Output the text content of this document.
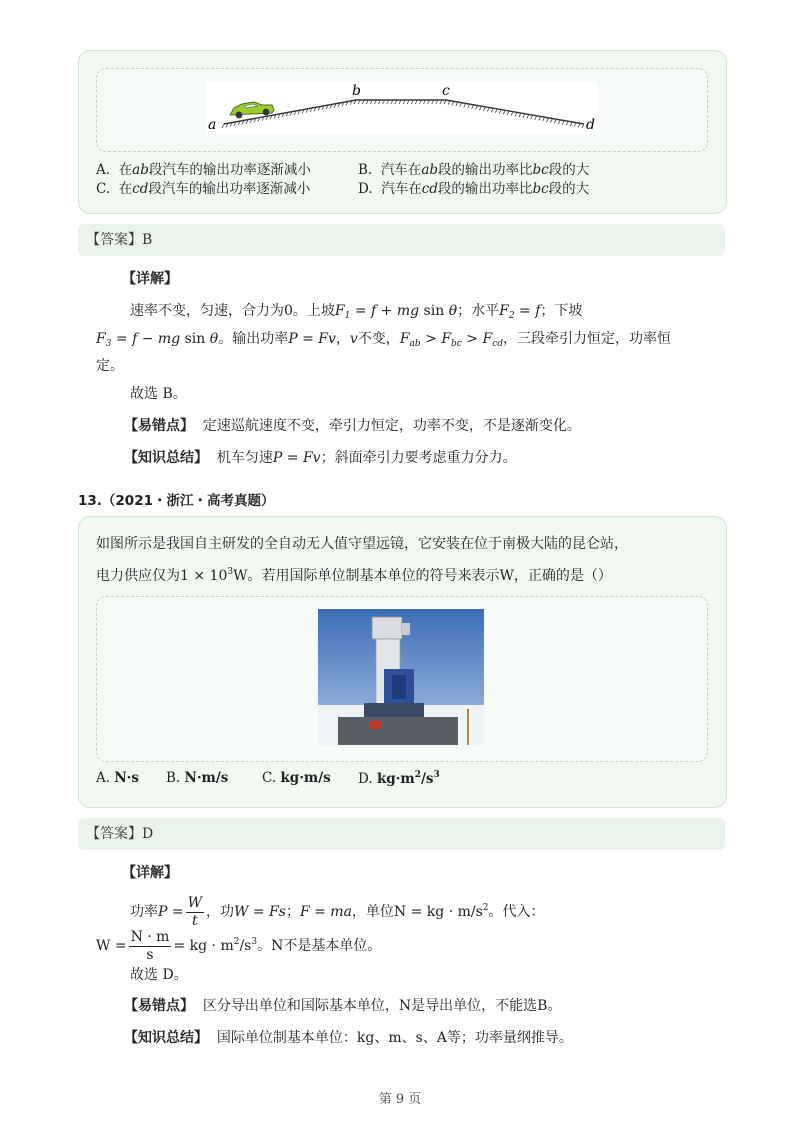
a
b	c
d
A. 在ab段汽车的输出功率逐渐减小	B. 汽车在ab段的输出功率比bc段的大
C. 在cd段汽车的输出功率逐渐减小	D. 汽车在cd段的输出功率比bc段的大
【答案】B
【详解】
速率不变，匀速，合力为0。上坡$F_1 = f$ + mg sin θ；水平$F_2 = f$；下坡
$F_3 = f$ − mg sin θ。输出功率P = Fv，v不变，$F_{ab} > F_{bc} > F_{cd}$，三段牵引力恒定，功率恒
定。
故选 B。
【易错点】 定速巡航速度不变，牵引力恒定，功率不变，不是逐渐变化。
【知识总结】 机车匀速P = Fv；斜面牵引力要考虑重力分力。
13.（2021・浙江・高考真题）
如图所示是我国自主研发的全自动无人值守望远镜，它安装在位于南极大陆的昆仑站，
电力供应仅为$1 \times 10^3W$。若用国际单位制基本单位的符号来表示W，正确的是（）
A. N·s B. N·m/s C. kg·m/s D. $kg\cdot m^2/s^3$
【答案】D
【详解】
功率$P = \frac{W}{t}$ ，功W = Fs；F = ma，单位N = kg · $m/s^2$。代入：
$W = \frac{N \cdot m}{s}$ = kg · $m^2/s^3$。N不是基本单位。
故选 D。
【易错点】 区分导出单位和国际基本单位，N是导出单位，不能选B。
【知识总结】 国际单位制基本单位：kg、m、s、A等；功率量纲推导。
第 9 页
